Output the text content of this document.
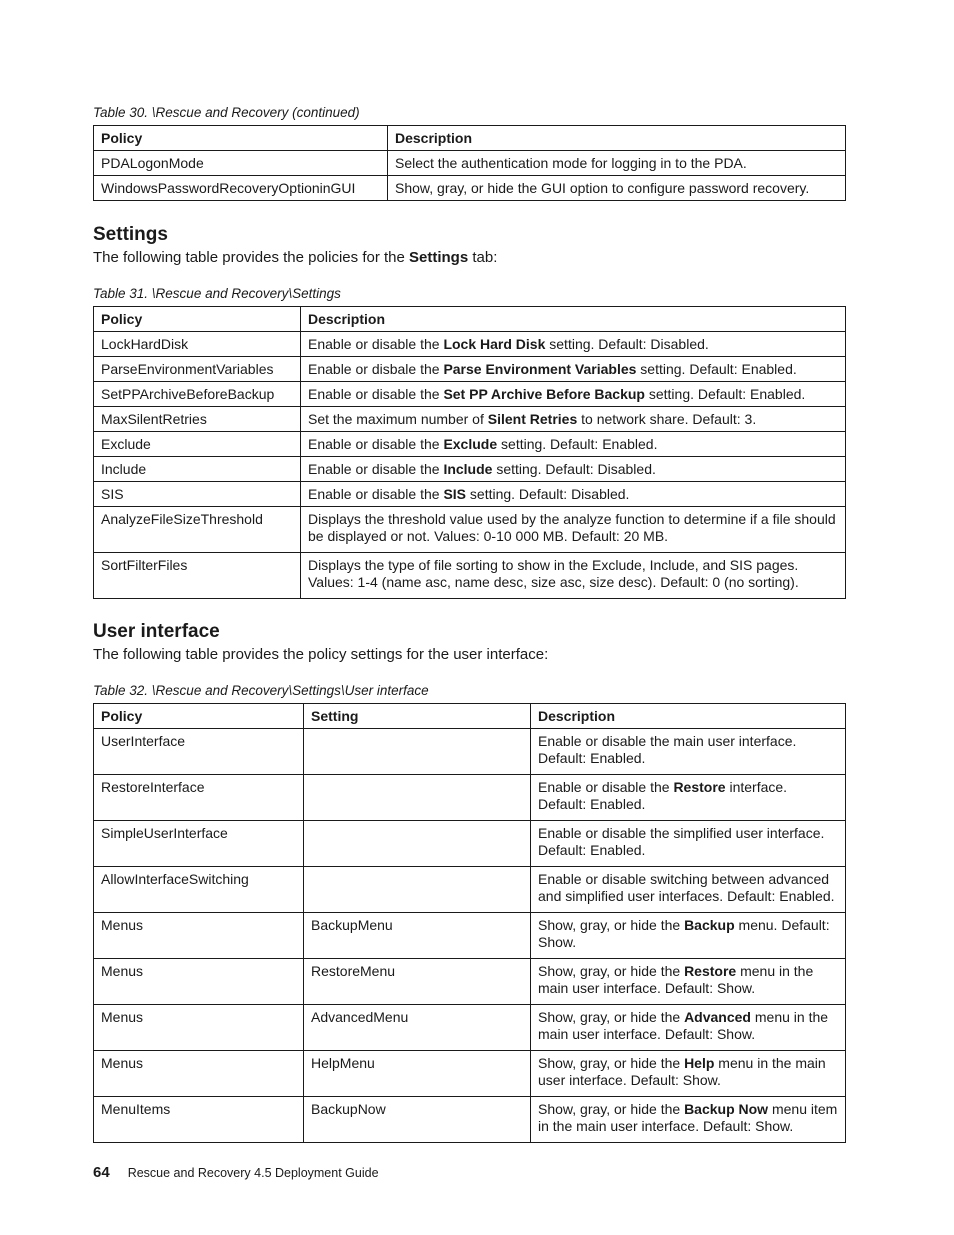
Table 30. \Rescue and Recovery (continued)

Policy	Description
PDALogonMode	Select the authentication mode for logging in to the PDA.
WindowsPasswordRecoveryOptioninGUI	Show, gray, or hide the GUI option to configure password recovery.
Settings

The following table provides the policies for the Settings tab:

Table 31. \Rescue and Recovery\Settings

Policy	Description
LockHardDisk	Enable or disable the Lock Hard Disk setting. Default: Disabled.
ParseEnvironmentVariables	Enable or disbale the Parse Environment Variables setting. Default: Enabled.
SetPPArchiveBeforeBackup	Enable or disable the Set PP Archive Before Backup setting. Default: Enabled.
MaxSilentRetries	Set the maximum number of Silent Retries to network share. Default: 3.
Exclude	Enable or disable the Exclude setting. Default: Enabled.
Include	Enable or disable the Include setting. Default: Disabled.
SIS	Enable or disable the SIS setting. Default: Disabled.
AnalyzeFileSizeThreshold	Displays the threshold value used by the analyze function to determine if a file should be displayed or not. Values: 0-10 000 MB. Default: 20 MB.
SortFilterFiles	Displays the type of file sorting to show in the Exclude, Include, and SIS pages. Values: 1-4 (name asc, name desc, size asc, size desc). Default: 0 (no sorting).
User interface

The following table provides the policy settings for the user interface:

Table 32. \Rescue and Recovery\Settings\User interface

Policy	Setting	Description
UserInterface		Enable or disable the main user interface. Default: Enabled.
RestoreInterface		Enable or disable the Restore interface. Default: Enabled.
SimpleUserInterface		Enable or disable the simplified user interface. Default: Enabled.
AllowInterfaceSwitching		Enable or disable switching between advanced and simplified user interfaces. Default: Enabled.
Menus	BackupMenu	Show, gray, or hide the Backup menu. Default: Show.
Menus	RestoreMenu	Show, gray, or hide the Restore menu in the main user interface. Default: Show.
Menus	AdvancedMenu	Show, gray, or hide the Advanced menu in the main user interface. Default: Show.
Menus	HelpMenu	Show, gray, or hide the Help menu in the main user interface. Default: Show.
MenuItems	BackupNow	Show, gray, or hide the Backup Now menu item in the main user interface. Default: Show.
64 Rescue and Recovery 4.5 Deployment Guide
